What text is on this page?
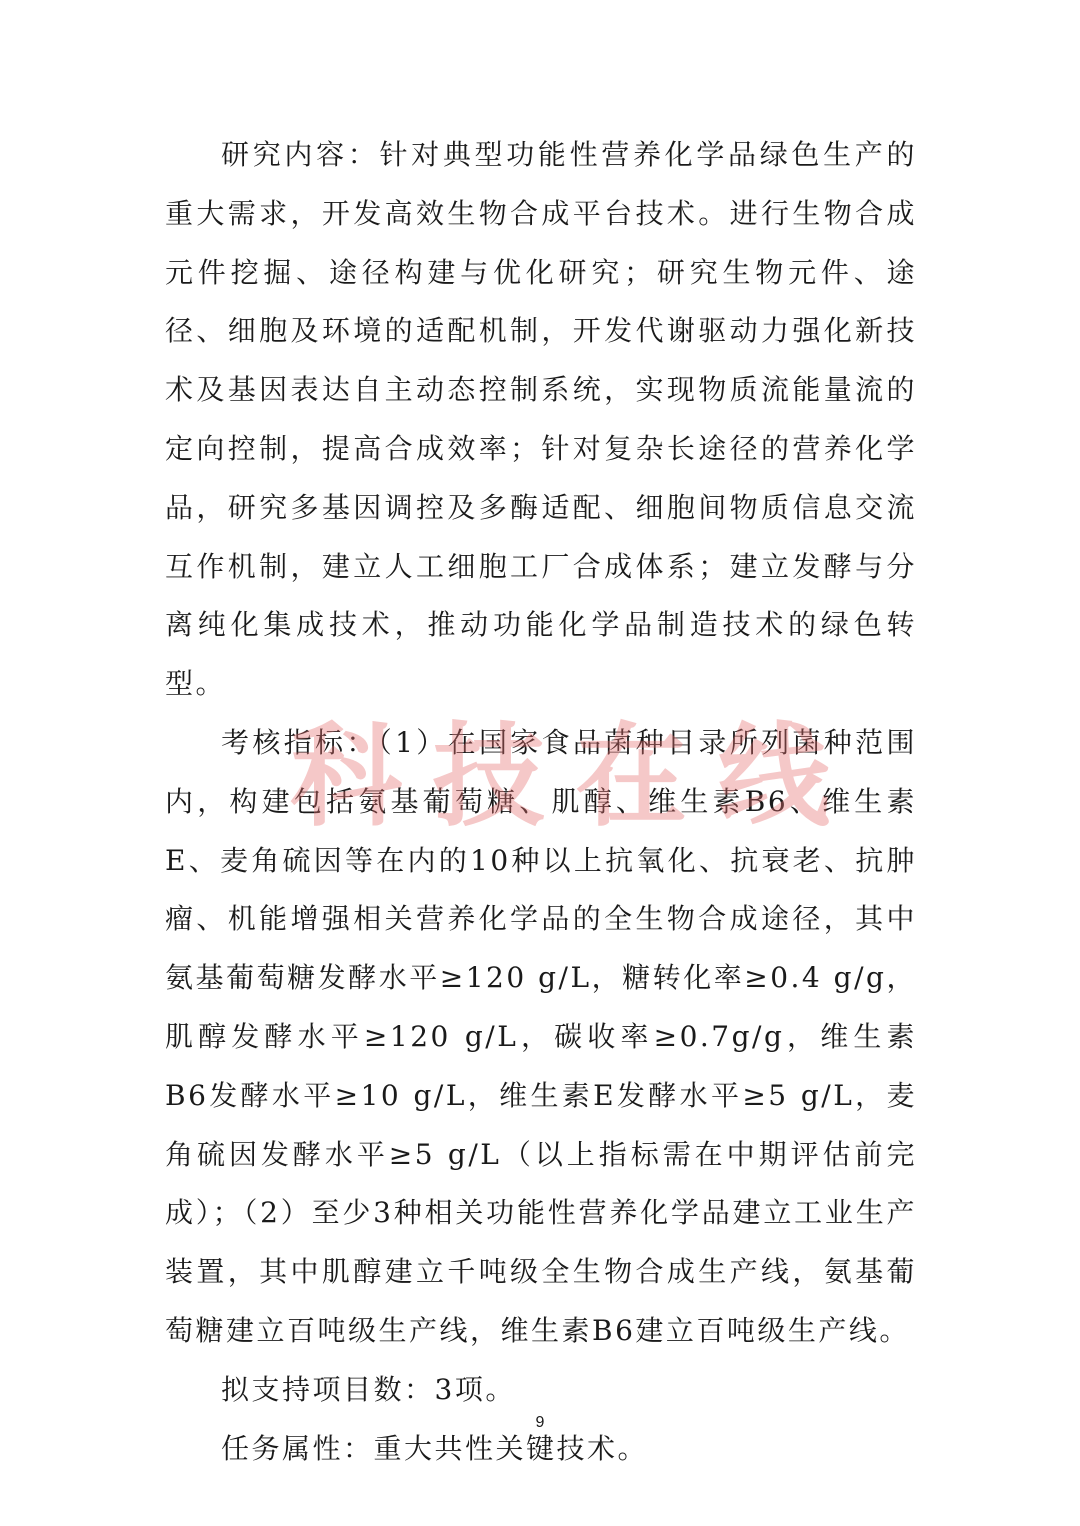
研究内容：针对典型功能性营养化学品绿色生产的重大需求，开发高效生物合成平台技术。进行生物合成元件挖掘、途径构建与优化研究；研究生物元件、途径、细胞及环境的适配机制，开发代谢驱动力强化新技术及基因表达自主动态控制系统，实现物质流能量流的定向控制，提高合成效率；针对复杂长途径的营养化学品，研究多基因调控及多酶适配、细胞间物质信息交流互作机制，建立人工细胞工厂合成体系；建立发酵与分离纯化集成技术，推动功能化学品制造技术的绿色转型。

考核指标：（1）在国家食品菌种目录所列菌种范围内，构建包括氨基葡萄糖、肌醇、维生素B6、维生素E、麦角硫因等在内的10种以上抗氧化、抗衰老、抗肿瘤、机能增强相关营养化学品的全生物合成途径，其中氨基葡萄糖发酵水平≥120 g/L，糖转化率≥0.4 g/g，肌醇发酵水平≥120 g/L，碳收率≥0.7g/g，维生素B6发酵水平≥10 g/L，维生素E发酵水平≥5 g/L，麦角硫因发酵水平≥5 g/L（以上指标需在中期评估前完成）；（2）至少3种相关功能性营养化学品建立工业生产装置，其中肌醇建立千吨级全生物合成生产线，氨基葡萄糖建立百吨级生产线，维生素B6建立百吨级生产线。

拟支持项目数：3项。

任务属性：重大共性关键技术。

科 技 在 线
9
